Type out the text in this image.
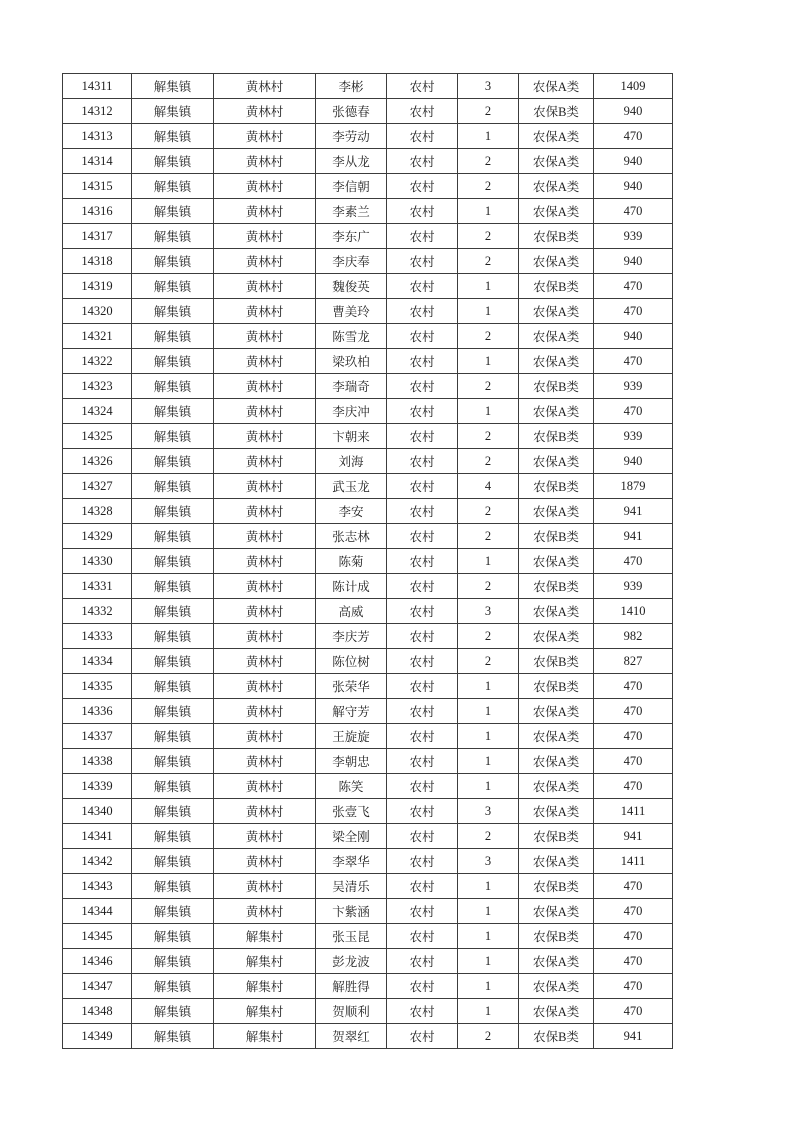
14311	解集镇	黄林村	李彬	农村	3	农保A类	1409
14312	解集镇	黄林村	张德春	农村	2	农保B类	940
14313	解集镇	黄林村	李劳动	农村	1	农保A类	470
14314	解集镇	黄林村	李从龙	农村	2	农保A类	940
14315	解集镇	黄林村	李信朝	农村	2	农保A类	940
14316	解集镇	黄林村	李素兰	农村	1	农保A类	470
14317	解集镇	黄林村	李东广	农村	2	农保B类	939
14318	解集镇	黄林村	李庆奉	农村	2	农保A类	940
14319	解集镇	黄林村	魏俊英	农村	1	农保B类	470
14320	解集镇	黄林村	曹美玲	农村	1	农保A类	470
14321	解集镇	黄林村	陈雪龙	农村	2	农保A类	940
14322	解集镇	黄林村	梁玖柏	农村	1	农保A类	470
14323	解集镇	黄林村	李瑞奇	农村	2	农保B类	939
14324	解集镇	黄林村	李庆冲	农村	1	农保A类	470
14325	解集镇	黄林村	卞朝来	农村	2	农保B类	939
14326	解集镇	黄林村	刘海	农村	2	农保A类	940
14327	解集镇	黄林村	武玉龙	农村	4	农保B类	1879
14328	解集镇	黄林村	李安	农村	2	农保A类	941
14329	解集镇	黄林村	张志林	农村	2	农保B类	941
14330	解集镇	黄林村	陈菊	农村	1	农保A类	470
14331	解集镇	黄林村	陈计成	农村	2	农保B类	939
14332	解集镇	黄林村	高威	农村	3	农保A类	1410
14333	解集镇	黄林村	李庆芳	农村	2	农保A类	982
14334	解集镇	黄林村	陈位树	农村	2	农保B类	827
14335	解集镇	黄林村	张荣华	农村	1	农保B类	470
14336	解集镇	黄林村	解守芳	农村	1	农保A类	470
14337	解集镇	黄林村	王旋旋	农村	1	农保A类	470
14338	解集镇	黄林村	李朝忠	农村	1	农保A类	470
14339	解集镇	黄林村	陈笑	农村	1	农保A类	470
14340	解集镇	黄林村	张壹飞	农村	3	农保A类	1411
14341	解集镇	黄林村	梁全刚	农村	2	农保B类	941
14342	解集镇	黄林村	李翠华	农村	3	农保A类	1411
14343	解集镇	黄林村	吴清乐	农村	1	农保B类	470
14344	解集镇	黄林村	卞紫涵	农村	1	农保A类	470
14345	解集镇	解集村	张玉昆	农村	1	农保B类	470
14346	解集镇	解集村	彭龙波	农村	1	农保A类	470
14347	解集镇	解集村	解胜得	农村	1	农保A类	470
14348	解集镇	解集村	贺顺利	农村	1	农保A类	470
14349	解集镇	解集村	贺翠红	农村	2	农保B类	941
